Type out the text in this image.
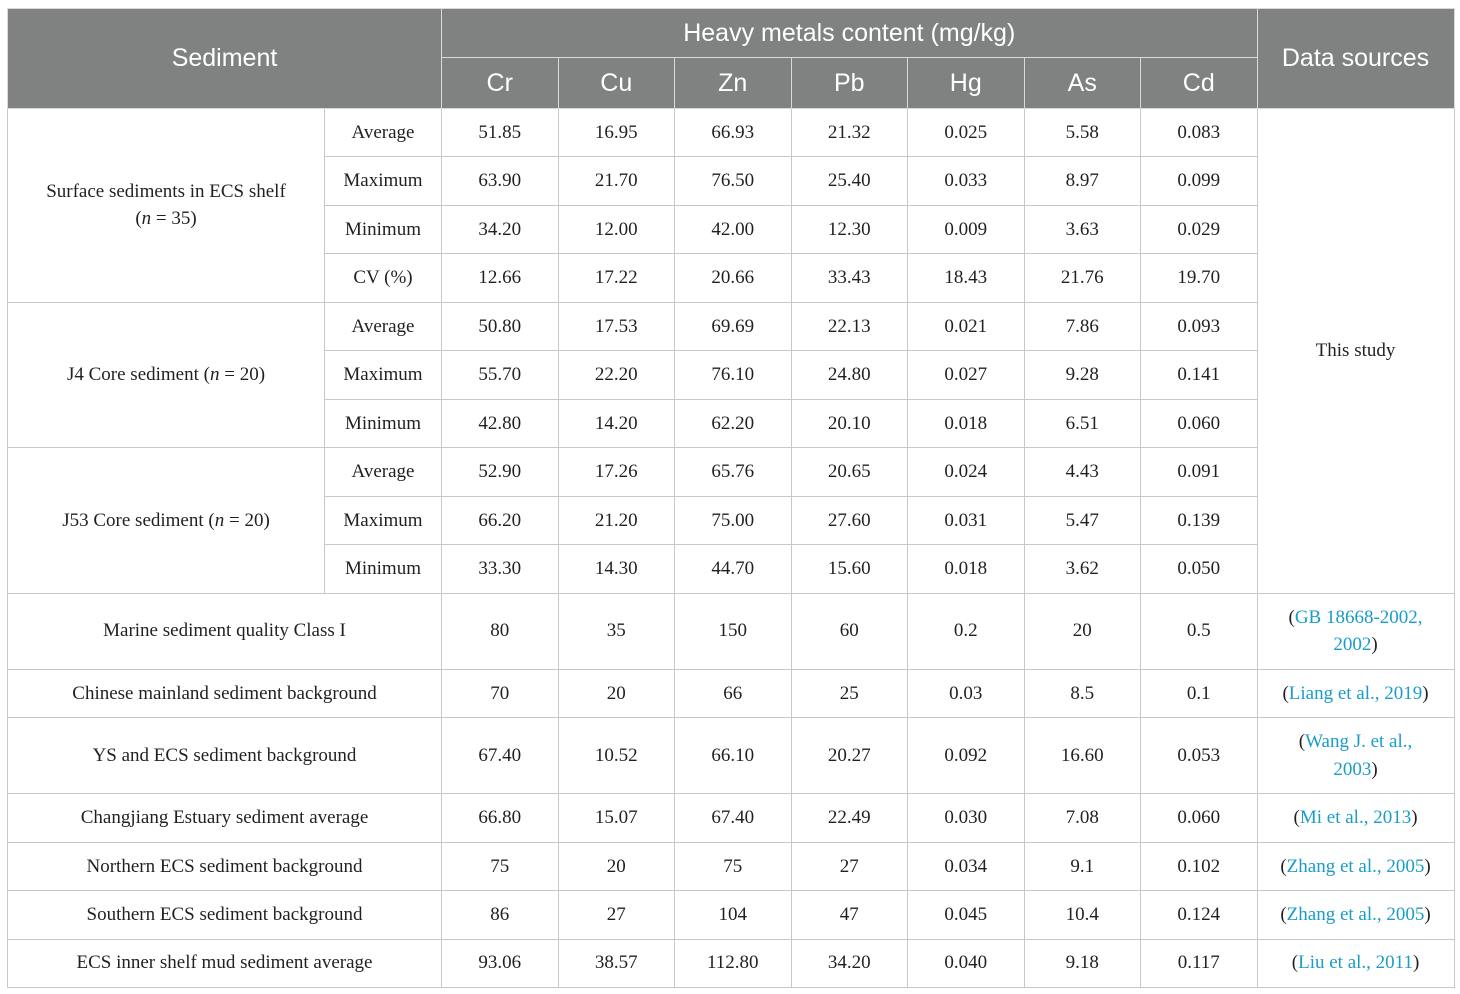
Sediment		Heavy metals content (mg/kg)							Data sources
		Cr	Cu	Zn	Pb	Hg	As	Cd	
Surface sediments in ECS shelf
(n = 35)	Average	51.85	16.95	66.93	21.32	0.025	5.58	0.083	This study
	Maximum	63.90	21.70	76.50	25.40	0.033	8.97	0.099	
	Minimum	34.20	12.00	42.00	12.30	0.009	3.63	0.029	
	CV (%)	12.66	17.22	20.66	33.43	18.43	21.76	19.70	
J4 Core sediment (n = 20)	Average	50.80	17.53	69.69	22.13	0.021	7.86	0.093	
	Maximum	55.70	22.20	76.10	24.80	0.027	9.28	0.141	
	Minimum	42.80	14.20	62.20	20.10	0.018	6.51	0.060	
J53 Core sediment (n = 20)	Average	52.90	17.26	65.76	20.65	0.024	4.43	0.091	
	Maximum	66.20	21.20	75.00	27.60	0.031	5.47	0.139	
	Minimum	33.30	14.30	44.70	15.60	0.018	3.62	0.050	
Marine sediment quality Class I		80	35	150	60	0.2	20	0.5	(GB 18668-2002,
2002)
Chinese mainland sediment background		70	20	66	25	0.03	8.5	0.1	(Liang et al., 2019)
YS and ECS sediment background		67.40	10.52	66.10	20.27	0.092	16.60	0.053	(Wang J. et al.,
2003)
Changjiang Estuary sediment average		66.80	15.07	67.40	22.49	0.030	7.08	0.060	(Mi et al., 2013)
Northern ECS sediment background		75	20	75	27	0.034	9.1	0.102	(Zhang et al., 2005)
Southern ECS sediment background		86	27	104	47	0.045	10.4	0.124	(Zhang et al., 2005)
ECS inner shelf mud sediment average		93.06	38.57	112.80	34.20	0.040	9.18	0.117	(Liu et al., 2011)
